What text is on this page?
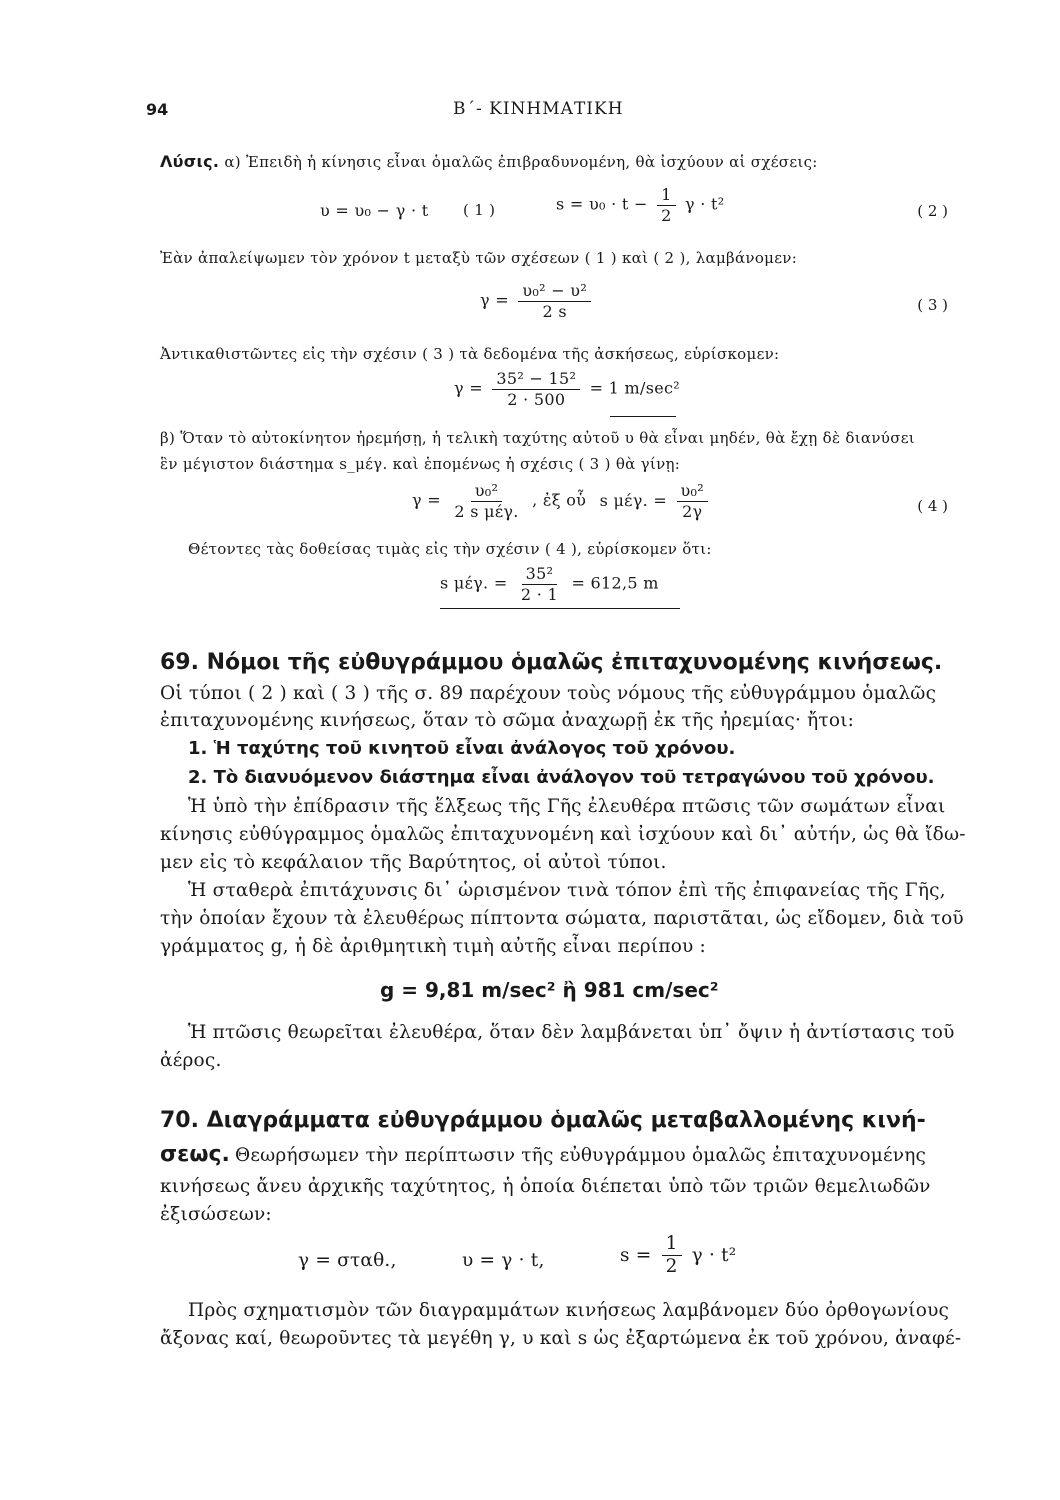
94	Β΄- ΚΙΝΗΜΑΤΙΚΗ
Λύσις. α) Ἐπειδὴ ἡ κίνησις εἶναι ὁμαλῶς ἐπιβραδυνομένη, θὰ ἰσχύουν αἱ σχέσεις:
υ = υ₀ − γ · t ( 1 )	$s = \upsilon_0 \cdot t - \frac{1}{2}$ γ · t²	( 2 )
Ἐὰν ἀπαλείψωμεν τὸν χρόνον t μεταξὺ τῶν σχέσεων ( 1 ) καὶ ( 2 ), λαμβάνομεν:
$\gamma = \frac{\text{υ₀² − υ²}}{2 s}$	( 3 )
Ἀντικαθιστῶντες εἰς τὴν σχέσιν ( 3 ) τὰ δεδομένα τῆς ἀσκήσεως, εὑρίσκομεν:
$\gamma = \frac{\text{35² − 15²}}{2 \cdot 500} = 1$ m/sec²
β) Ὅταν τὸ αὐτοκίνητον ἠρεμήσῃ, ἡ τελικὴ ταχύτης αὐτοῦ υ θὰ εἶναι μηδέν, θὰ ἔχῃ δὲ διανύσει
ἓν μέγιστον διάστημα s_μέγ. καὶ ἑπομένως ἡ σχέσις ( 3 ) θὰ γίνῃ:
$\gamma = \frac{\text{υ₀²}}{\text{2 s μέγ.}}$ , ἐξ οὗ s μέγ. = $\frac{\text{υ₀²}}{2\gamma}$	( 4 )
Θέτοντες τὰς δοθείσας τιμὰς εἰς τὴν σχέσιν ( 4 ), εὑρίσκομεν ὅτι:
s μέγ. = $\frac{\text{35²}}{2 \cdot 1} = 612,5$ m
69. Νόμοι τῆς εὐθυγράμμου ὁμαλῶς ἐπιταχυνομένης κινήσεως.
Οἱ τύποι ( 2 ) καὶ ( 3 ) τῆς σ. 89 παρέχουν τοὺς νόμους τῆς εὐθυγράμμου ὁμαλῶς
ἐπιταχυνομένης κινήσεως, ὅταν τὸ σῶμα ἀναχωρῇ ἐκ τῆς ἠρεμίας· ἤτοι:
1. Ἡ ταχύτης τοῦ κινητοῦ εἶναι ἀνάλογος τοῦ χρόνου.
2. Τὸ διανυόμενον διάστημα εἶναι ἀνάλογον τοῦ τετραγώνου τοῦ χρόνου.
Ἡ ὑπὸ τὴν ἐπίδρασιν τῆς ἕλξεως τῆς Γῆς ἐλευθέρα πτῶσις τῶν σωμάτων εἶναι
κίνησις εὐθύγραμμος ὁμαλῶς ἐπιταχυνομένη καὶ ἰσχύουν καὶ δι᾽ αὐτήν, ὡς θὰ ἴδω-
μεν εἰς τὸ κεφάλαιον τῆς Βαρύτητος, οἱ αὐτοὶ τύποι.
Ἡ σταθερὰ ἐπιτάχυνσις δι᾽ ὡρισμένον τινὰ τόπον ἐπὶ τῆς ἐπιφανείας τῆς Γῆς,
τὴν ὁποίαν ἔχουν τὰ ἐλευθέρως πίπτοντα σώματα, παριστᾶται, ὡς εἴδομεν, διὰ τοῦ
γράμματος g, ἡ δὲ ἀριθμητικὴ τιμὴ αὐτῆς εἶναι περίπου :
g = 9,81 m/sec² ἢ 981 cm/sec²
Ἡ πτῶσις θεωρεῖται ἐλευθέρα, ὅταν δὲν λαμβάνεται ὑπ᾽ ὄψιν ἡ ἀντίστασις τοῦ
ἀέρος.
70. Διαγράμματα εὐθυγράμμου ὁμαλῶς μεταβαλλομένης κινή-
σεως. Θεωρήσωμεν τὴν περίπτωσιν τῆς εὐθυγράμμου ὁμαλῶς ἐπιταχυνομένης
κινήσεως ἄνευ ἀρχικῆς ταχύτητος, ἡ ὁποία διέπεται ὑπὸ τῶν τριῶν θεμελιωδῶν
ἐξισώσεων:
γ = σταθ.,	υ = γ · t,	$s = \frac{1}{2}$ γ · t²
Πρὸς σχηματισμὸν τῶν διαγραμμάτων κινήσεως λαμβάνομεν δύο ὀρθογωνίους
ἄξονας καί, θεωροῦντες τὰ μεγέθη γ, υ καὶ s ὡς ἐξαρτώμενα ἐκ τοῦ χρόνου, ἀναφέ-
